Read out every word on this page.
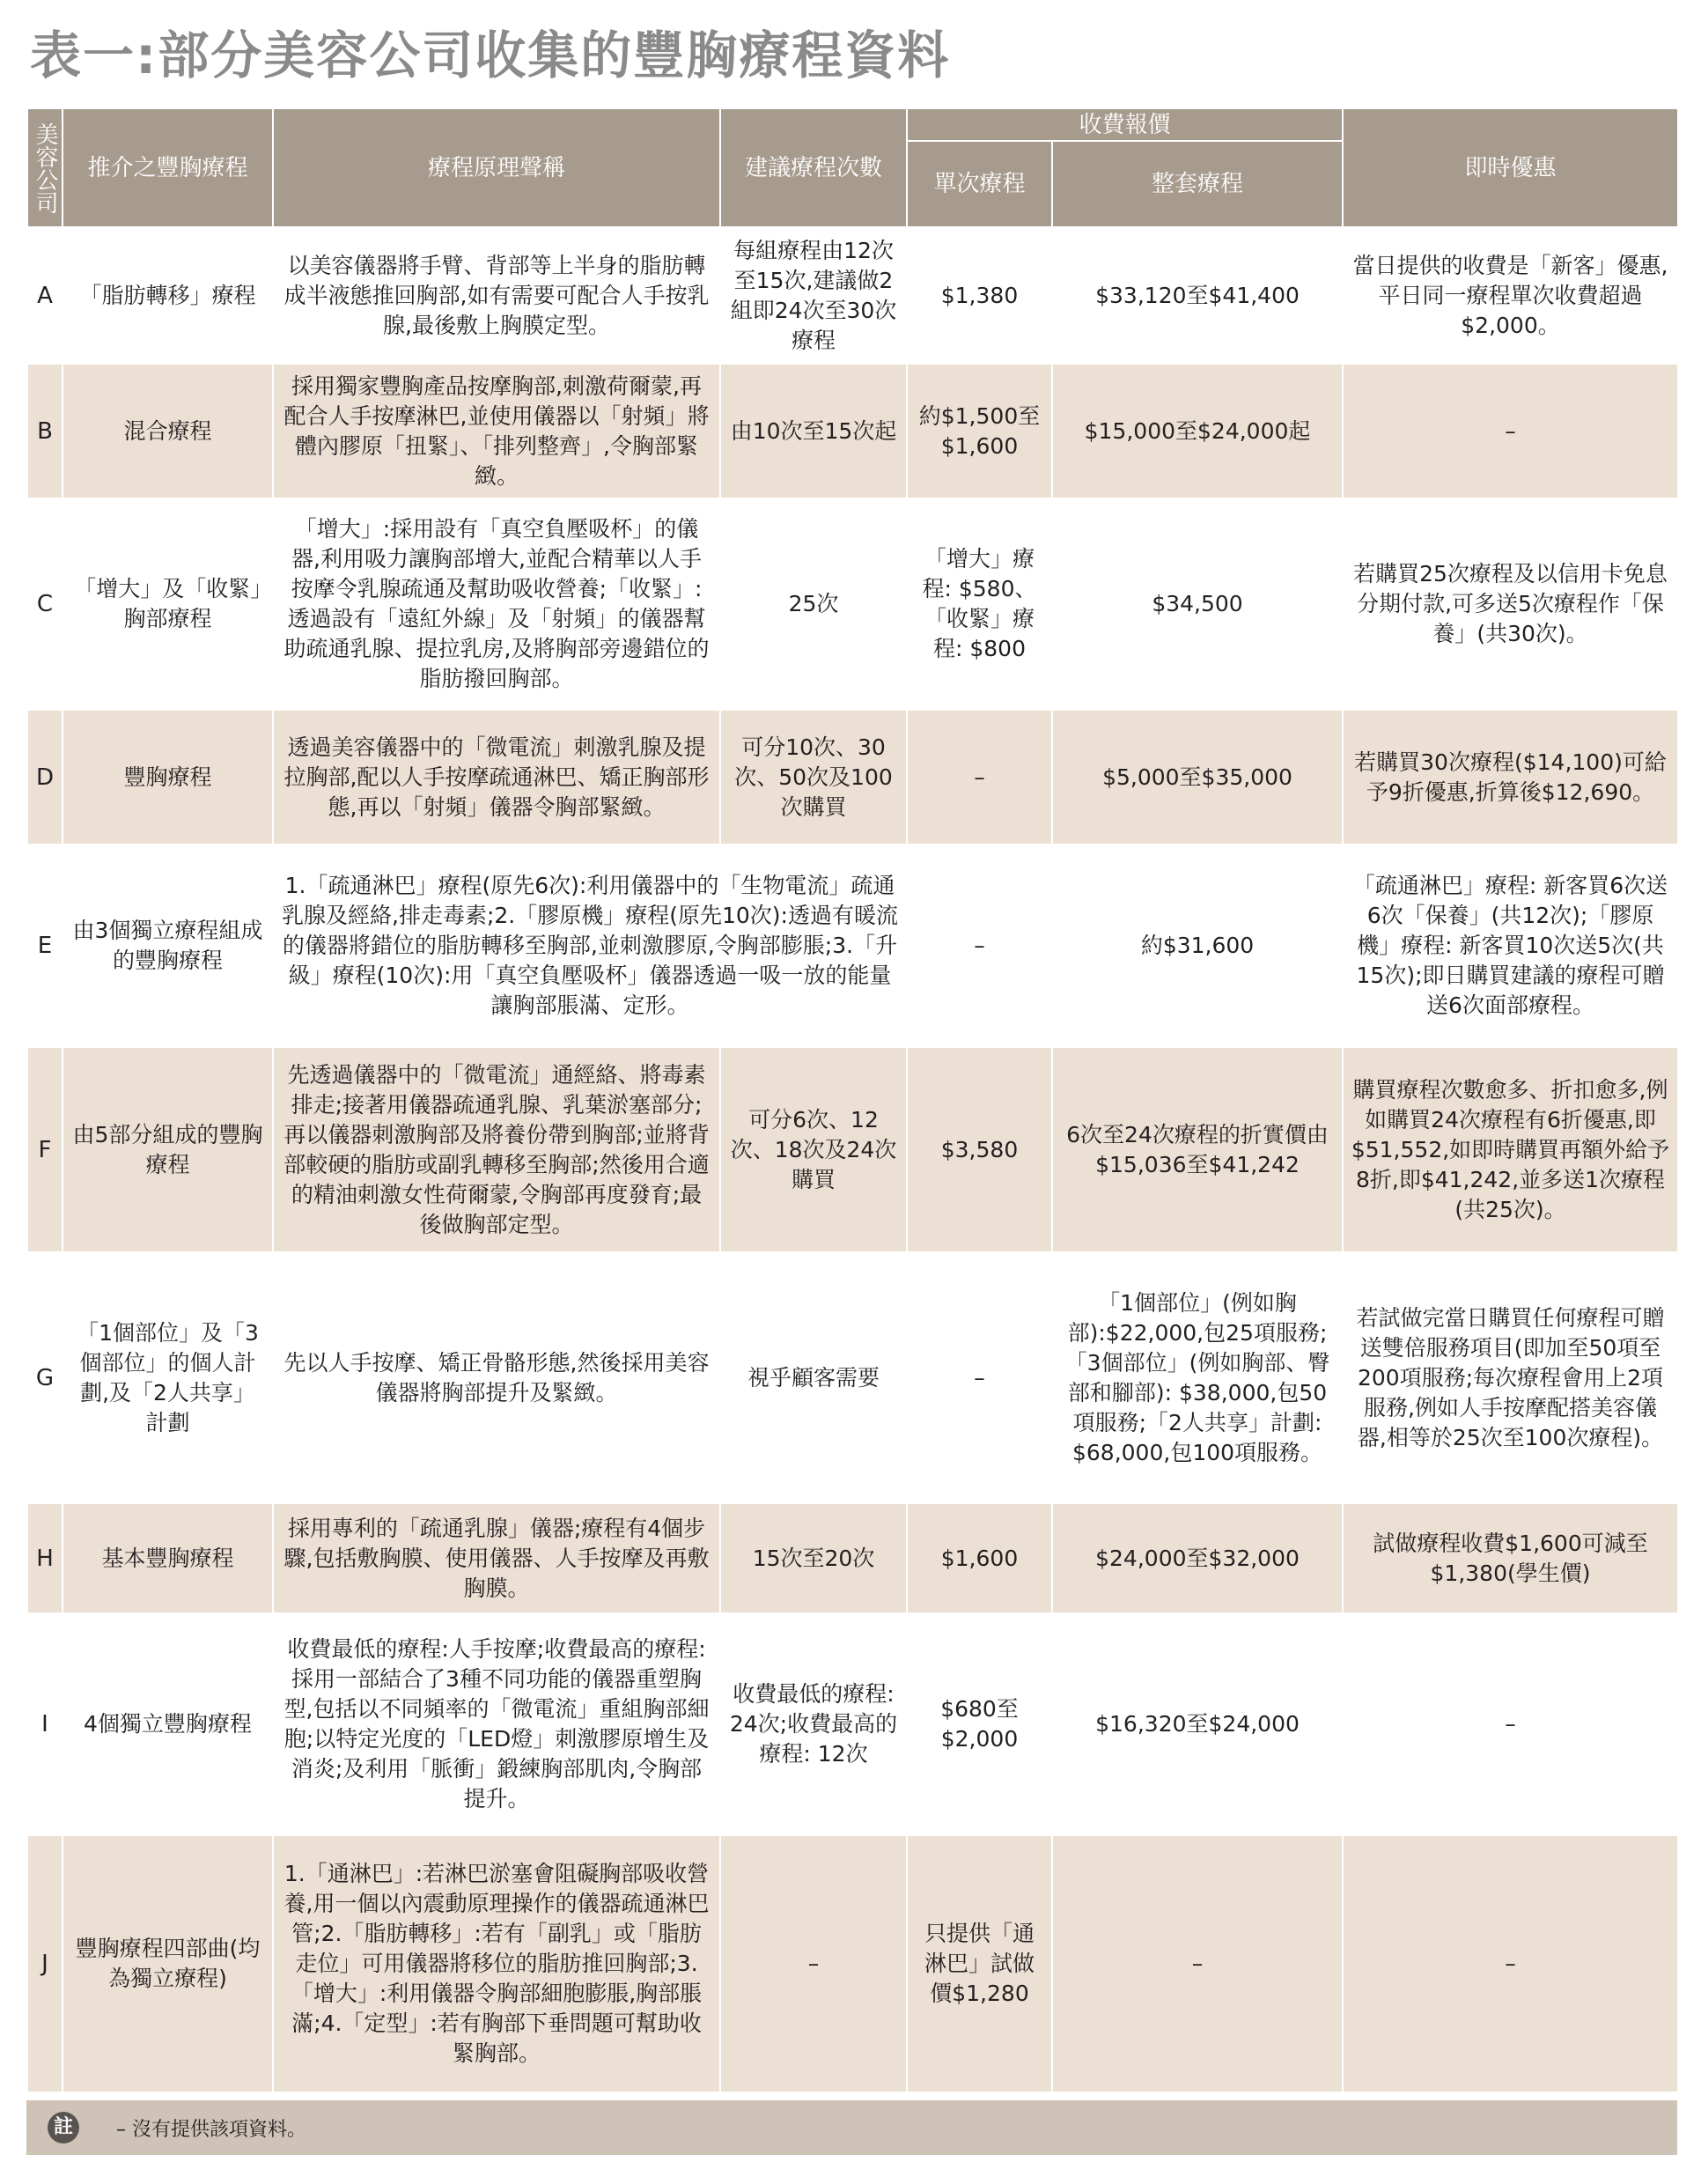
表一:部分美容公司收集的豐胸療程資料
美容公司	推介之豐胸療程	療程原理聲稱	建議療程次數	收費報價		即時優惠
				單次療程	整套療程	
A	「脂肪轉移」療程	以美容儀器將手臂、背部等上半身的脂肪轉成半液態推回胸部,如有需要可配合人手按乳腺,最後敷上胸膜定型。	每組療程由12次至15次,建議做2組即24次至30次療程	$1,380	$33,120至$41,400	當日提供的收費是「新客」優惠,平日同一療程單次收費超過$2,000。
B	混合療程	採用獨家豐胸產品按摩胸部,刺激荷爾蒙,再配合人手按摩淋巴,並使用儀器以「射頻」將體內膠原「扭緊」、「排列整齊」,令胸部緊緻。	由10次至15次起	約$1,500至$1,600	$15,000至$24,000起	–
C	「增大」及「收緊」胸部療程	「增大」:採用設有「真空負壓吸杯」的儀器,利用吸力讓胸部增大,並配合精華以人手按摩令乳腺疏通及幫助吸收營養;「收緊」:透過設有「遠紅外線」及「射頻」的儀器幫助疏通乳腺、提拉乳房,及將胸部旁邊錯位的脂肪撥回胸部。	25次	「增大」療程: $580、「收緊」療程: $800	$34,500	若購買25次療程及以信用卡免息分期付款,可多送5次療程作「保養」(共30次)。
D	豐胸療程	透過美容儀器中的「微電流」刺激乳腺及提拉胸部,配以人手按摩疏通淋巴、矯正胸部形態,再以「射頻」儀器令胸部緊緻。	可分10次、30次、50次及100次購買	–	$5,000至$35,000	若購買30次療程($14,100)可給予9折優惠,折算後$12,690。
E	由3個獨立療程組成的豐胸療程	1.「疏通淋巴」療程(原先6次):利用儀器中的「生物電流」疏通乳腺及經絡,排走毒素;2.「膠原機」療程(原先10次):透過有暖流的儀器將錯位的脂肪轉移至胸部,並刺激膠原,令胸部膨脹;3.「升級」療程(10次):用「真空負壓吸杯」儀器透過一吸一放的能量讓胸部脹滿、定形。		–	約$31,600	「疏通淋巴」療程: 新客買6次送6次「保養」(共12次);「膠原機」療程: 新客買10次送5次(共15次);即日購買建議的療程可贈送6次面部療程。
F	由5部分組成的豐胸療程	先透過儀器中的「微電流」通經絡、將毒素排走;接著用儀器疏通乳腺、乳葉淤塞部分;再以儀器刺激胸部及將養份帶到胸部;並將背部較硬的脂肪或副乳轉移至胸部;然後用合適的精油刺激女性荷爾蒙,令胸部再度發育;最後做胸部定型。	可分6次、12次、18次及24次購買	$3,580	6次至24次療程的折實價由$15,036至$41,242	購買療程次數愈多、折扣愈多,例如購買24次療程有6折優惠,即$51,552,如即時購買再額外給予8折,即$41,242,並多送1次療程(共25次)。
G	「1個部位」及「3個部位」的個人計劃,及「2人共享」計劃	先以人手按摩、矯正骨骼形態,然後採用美容儀器將胸部提升及緊緻。	視乎顧客需要	–	「1個部位」(例如胸部):$22,000,包25項服務;「3個部位」(例如胸部、臀部和腳部): $38,000,包50項服務;「2人共享」計劃: $68,000,包100項服務。	若試做完當日購買任何療程可贈送雙倍服務項目(即加至50項至200項服務;每次療程會用上2項服務,例如人手按摩配搭美容儀器,相等於25次至100次療程)。
H	基本豐胸療程	採用專利的「疏通乳腺」儀器;療程有4個步驟,包括敷胸膜、使用儀器、人手按摩及再敷胸膜。	15次至20次	$1,600	$24,000至$32,000	試做療程收費$1,600可減至$1,380(學生價)
I	4個獨立豐胸療程	收費最低的療程:人手按摩;收費最高的療程:採用一部結合了3種不同功能的儀器重塑胸型,包括以不同頻率的「微電流」重組胸部細胞;以特定光度的「LED燈」刺激膠原增生及消炎;及利用「脈衝」鍛練胸部肌肉,令胸部提升。	收費最低的療程: 24次;收費最高的療程: 12次	$680至$2,000	$16,320至$24,000	–
J	豐胸療程四部曲(均為獨立療程)	1.「通淋巴」:若淋巴淤塞會阻礙胸部吸收營養,用一個以內震動原理操作的儀器疏通淋巴管;2.「脂肪轉移」:若有「副乳」或「脂肪走位」可用儀器將移位的脂肪推回胸部;3.「增大」:利用儀器令胸部細胞膨脹,胸部脹滿;4.「定型」:若有胸部下垂問題可幫助收緊胸部。	–	只提供「通淋巴」試做價$1,280	–	–
註	– 沒有提供該項資料。
